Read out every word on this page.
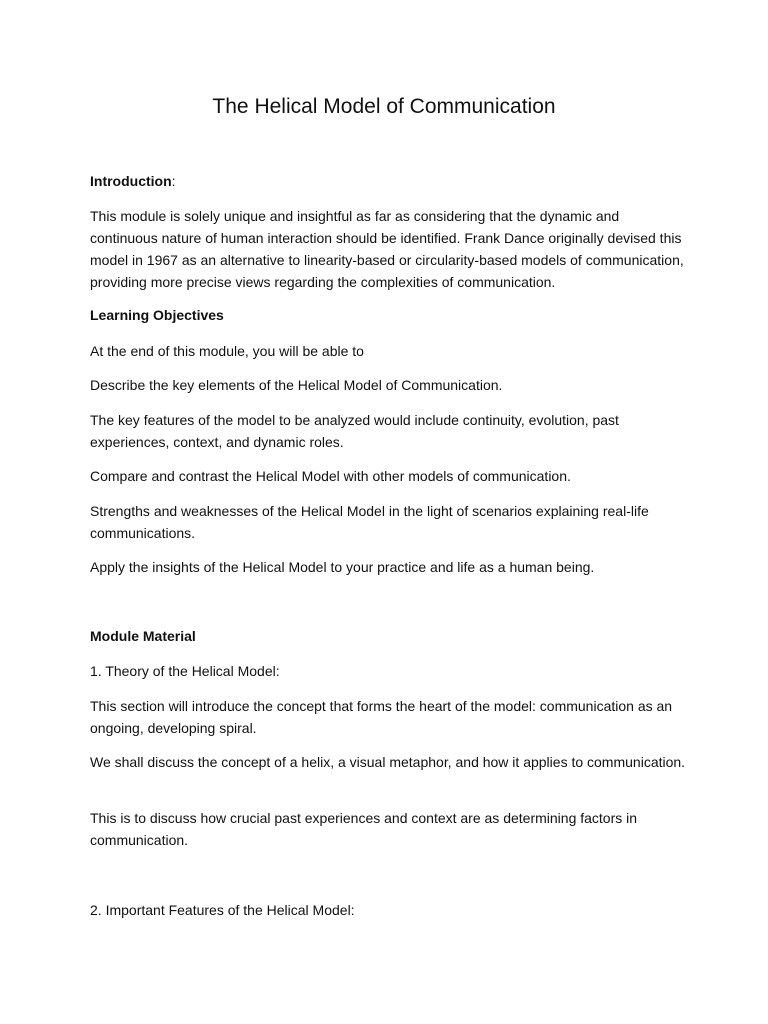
The Helical Model of Communication

Introduction:

This module is solely unique and insightful as far as considering that the dynamic and continuous nature of human interaction should be identified. Frank Dance originally devised this model in 1967 as an alternative to linearity-based or circularity-based models of communication, providing more precise views regarding the complexities of communication.

Learning Objectives

At the end of this module, you will be able to

Describe the key elements of the Helical Model of Communication.

The key features of the model to be analyzed would include continuity, evolution, past experiences, context, and dynamic roles.

Compare and contrast the Helical Model with other models of communication.

Strengths and weaknesses of the Helical Model in the light of scenarios explaining real-life communications.

Apply the insights of the Helical Model to your practice and life as a human being.

Module Material

1. Theory of the Helical Model:

This section will introduce the concept that forms the heart of the model: communication as an ongoing, developing spiral.

We shall discuss the concept of a helix, a visual metaphor, and how it applies to communication.

This is to discuss how crucial past experiences and context are as determining factors in communication.

2. Important Features of the Helical Model:
